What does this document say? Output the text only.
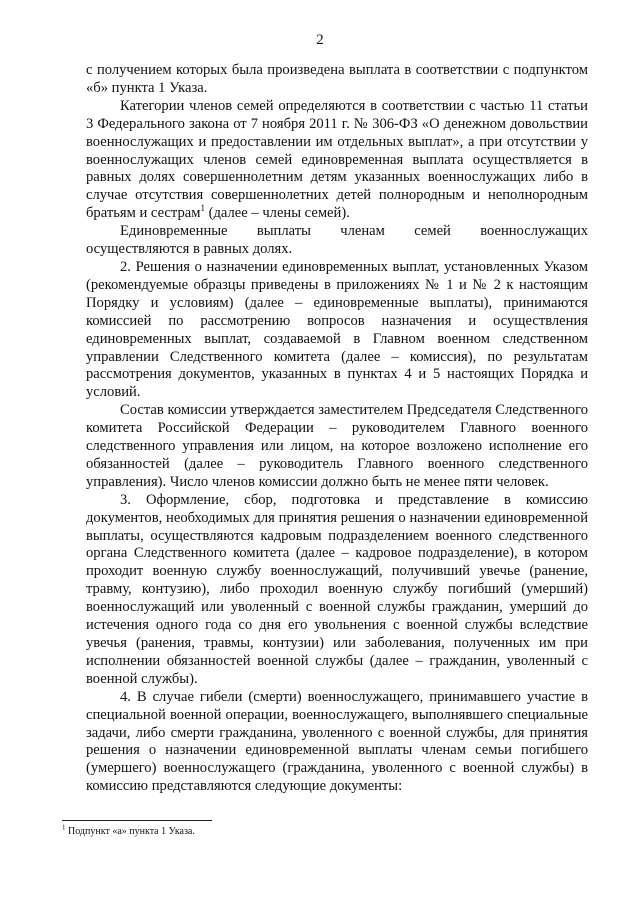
2

с получением которых была произведена выплата в соответствии с подпунктом «б» пункта 1 Указа.

Категории членов семей определяются в соответствии с частью 11 статьи 3 Федерального закона от 7 ноября 2011 г. № 306-ФЗ «О денежном довольствии военнослужащих и предоставлении им отдельных выплат», а при отсутствии у военнослужащих членов семей единовременная выплата осуществляется в равных долях совершеннолетним детям указанных военнослужащих либо в случае отсутствия совершеннолетних детей полнородным и неполнородным братьям и сестрам$^1$ (далее – члены семей).

Единовременные выплаты членам семей военнослужащих осуществляются в равных долях.

2. Решения о назначении единовременных выплат, установленных Указом (рекомендуемые образцы приведены в приложениях № 1 и № 2 к настоящим Порядку и условиям) (далее – единовременные выплаты), принимаются комиссией по рассмотрению вопросов назначения и осуществления единовременных выплат, создаваемой в Главном военном следственном управлении Следственного комитета (далее – комиссия), по результатам рассмотрения документов, указанных в пунктах 4 и 5 настоящих Порядка и условий.

Состав комиссии утверждается заместителем Председателя Следственного комитета Российской Федерации – руководителем Главного военного следственного управления или лицом, на которое возложено исполнение его обязанностей (далее – руководитель Главного военного следственного управления). Число членов комиссии должно быть не менее пяти человек.

3. Оформление, сбор, подготовка и представление в комиссию документов, необходимых для принятия решения о назначении единовременной выплаты, осуществляются кадровым подразделением военного следственного органа Следственного комитета (далее – кадровое подразделение), в котором проходит военную службу военнослужащий, получивший увечье (ранение, травму, контузию), либо проходил военную службу погибший (умерший) военнослужащий или уволенный с военной службы гражданин, умерший до истечения одного года со дня его увольнения с военной службы вследствие увечья (ранения, травмы, контузии) или заболевания, полученных им при исполнении обязанностей военной службы (далее – гражданин, уволенный с военной службы).

4. В случае гибели (смерти) военнослужащего, принимавшего участие в специальной военной операции, военнослужащего, выполнявшего специальные задачи, либо смерти гражданина, уволенного с военной службы, для принятия решения о назначении единовременной выплаты членам семьи погибшего (умершего) военнослужащего (гражданина, уволенного с военной службы) в комиссию представляются следующие документы:

$^1$ Подпункт «а» пункта 1 Указа.
